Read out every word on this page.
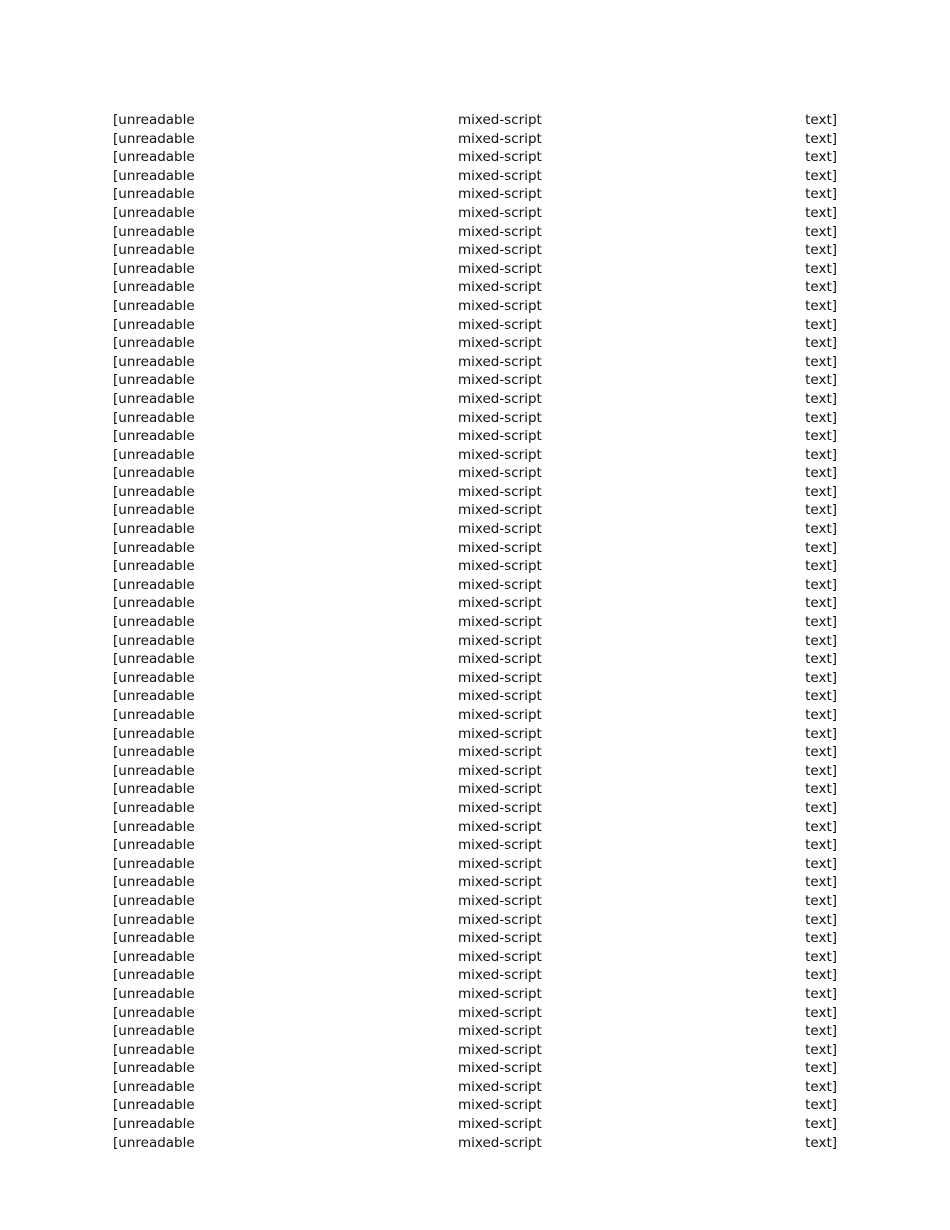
[unreadable mixed-script text]
[unreadable mixed-script text]
[unreadable mixed-script text]
[unreadable mixed-script text]
[unreadable mixed-script text]
[unreadable mixed-script text]
[unreadable mixed-script text]
[unreadable mixed-script text]
[unreadable mixed-script text]
[unreadable mixed-script text]
[unreadable mixed-script text]
[unreadable mixed-script text]
[unreadable mixed-script text]
[unreadable mixed-script text]
[unreadable mixed-script text]
[unreadable mixed-script text]
[unreadable mixed-script text]
[unreadable mixed-script text]
[unreadable mixed-script text]
[unreadable mixed-script text]
[unreadable mixed-script text]
[unreadable mixed-script text]
[unreadable mixed-script text]
[unreadable mixed-script text]
[unreadable mixed-script text]
[unreadable mixed-script text]
[unreadable mixed-script text]
[unreadable mixed-script text]
[unreadable mixed-script text]
[unreadable mixed-script text]
[unreadable mixed-script text]
[unreadable mixed-script text]
[unreadable mixed-script text]
[unreadable mixed-script text]
[unreadable mixed-script text]
[unreadable mixed-script text]
[unreadable mixed-script text]
[unreadable mixed-script text]
[unreadable mixed-script text]
[unreadable mixed-script text]
[unreadable mixed-script text]
[unreadable mixed-script text]
[unreadable mixed-script text]
[unreadable mixed-script text]
[unreadable mixed-script text]
[unreadable mixed-script text]
[unreadable mixed-script text]
[unreadable mixed-script text]
[unreadable mixed-script text]
[unreadable mixed-script text]
[unreadable mixed-script text]
[unreadable mixed-script text]
[unreadable mixed-script text]
[unreadable mixed-script text]
[unreadable mixed-script text]
[unreadable mixed-script text]
